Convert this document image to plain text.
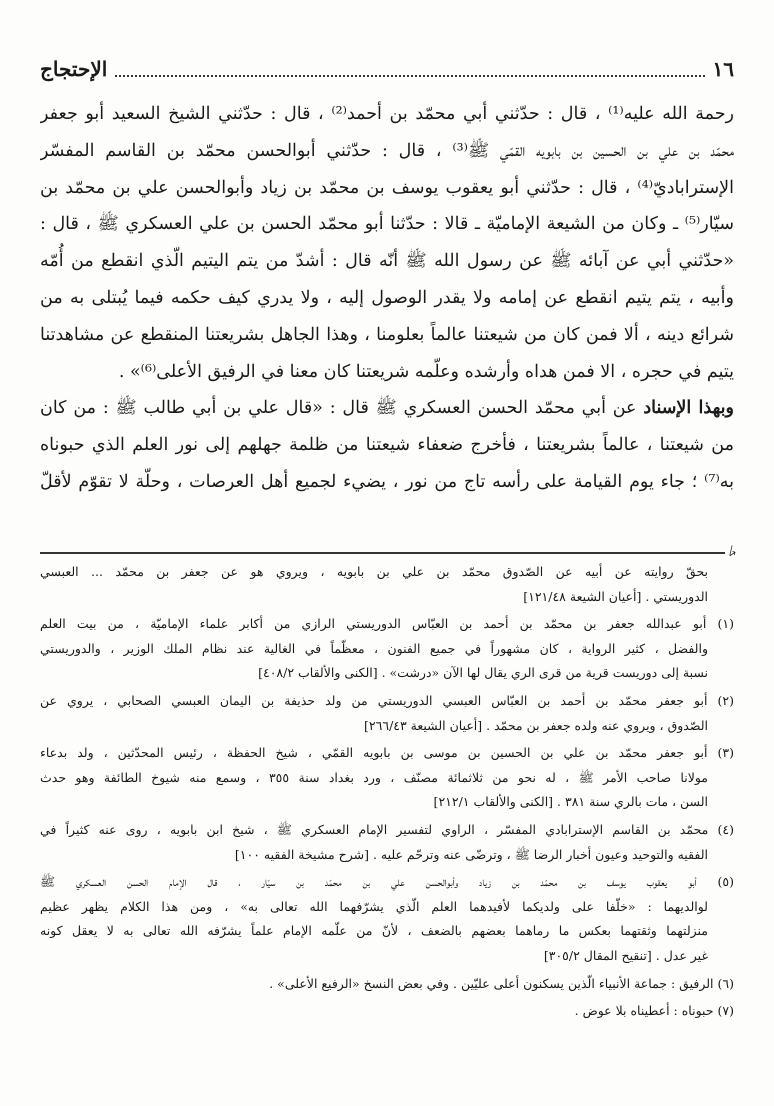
١٦
الإحتجاج

رحمة الله عليه⁽¹⁾ ، قال : حدّثني أبي محمّد بن أحمد⁽²⁾ ، قال : حدّثني الشيخ السعيد أبو جعفر

محمّد بن علي بن الحسين بن بابويه القمّي ﷺ⁽³⁾ ، قال : حدّثني أبوالحسن محمّد بن القاسم المفسّر

الإستراباديّ⁽⁴⁾ ، قال : حدّثني أبو يعقوب يوسف بن محمّد بن زياد وأبوالحسن علي بن محمّد بن

سيّار⁽⁵⁾ ـ وكان من الشيعة الإماميّة ـ قالا : حدّثنا أبو محمّد الحسن بن علي العسكري ﷺ ، قال :

«حدّثني أبي عن آبائه ﷺ عن رسول الله ﷺ أنّه قال : أشدّ من يتم اليتيم الّذي انقطع من أُمّه

وأبيه ، يتم يتيم انقطع عن إمامه ولا يقدر الوصول إليه ، ولا يدري كيف حكمه فيما يُبتلى به من

شرائع دينه ، ألا فمن كان من شيعتنا عالماً بعلومنا ، وهذا الجاهل بشريعتنا المنقطع عن مشاهدتنا

يتيم في حجره ، الا فمن هداه وأرشده وعلّمه شريعتنا كان معنا في الرفيق الأعلى⁽⁶⁾» .

وبهذا الإسناد عن أبي محمّد الحسن العسكري ﷺ قال : «قال علي بن أبي طالب ﷺ : من كان

من شيعتنا ، عالماً بشريعتنا ، فأخرج ضعفاء شيعتنا من ظلمة جهلهم إلى نور العلم الذي حبوناه

به⁽⁷⁾ ؛ جاء يوم القيامة على رأسه تاج من نور ، يضيء لجميع أهل العرصات ، وحلّة لا تقوّم لأقلّ

⭞
بحقّ روايته عن أبيه عن الصّدوق محمّد بن علي بن بابويه ، ويروي هو عن جعفر بن محمّد ... العبسي
الدوريستي . [أعيان الشيعة ١٢١/٤٨]
(١) أبو عبدالله جعفر بن محمّد بن أحمد بن العبّاس الدوريستي الرازي من أكابر علماء الإماميّة ، من بيت العلم
والفضل ، كثير الرواية ، كان مشهوراً في جميع الفنون ، معظّماً في الغالية عند نظام الملك الوزير ، والدوريستي
نسبة إلى دوريست قرية من قرى الري يقال لها الآن «درشت» . [الكنى والألقاب ٤٠٨/٢]
(٢) أبو جعفر محمّد بن أحمد بن العبّاس العبسي الدوريستي من ولد حذيفة بن اليمان العبسي الصحابي ، يروي عن
الصّدوق ، ويروي عنه ولده جعفر بن محمّد . [أعيان الشيعة ٢٦٦/٤٣]
(٣) أبو جعفر محمّد بن علي بن الحسين بن موسى بن بابويه القمّي ، شيخ الحفظة ، رئيس المحدّثين ، ولد بدعاء
مولانا صاحب الأمر ﷺ ، له نحو من ثلاثمائة مصنّف ، ورد بغداد سنة ٣٥٥ ، وسمع منه شيوخ الطائفة وهو حدث
السن ، مات بالري سنة ٣٨١ . [الكنى والألقاب ٢١٢/١]
(٤) محمّد بن القاسم الإسترابادي المفسّر ، الراوي لتفسير الإمام العسكري ﷺ ، شيخ ابن بابويه ، روى عنه كثيراً في
الفقيه والتوحيد وعيون أخبار الرضا ﷺ ، وترضّى عنه وترحّم عليه . [شرح مشيخة الفقيه ١٠٠]
(٥) أبو يعقوب يوسف بن محمّد بن زياد وأبوالحسن علي بن محمّد بن سيّار ، قال الإمام الحسن العسكري ﷺ
لوالديهما : «خلّفا على ولديكما لأفيدهما العلم الّذي يشرّفهما الله تعالى به» ، ومن هذا الكلام يظهر عظيم
منزلتهما وثقتهما بعكس ما رماهما بعضهم بالضعف ، لأنّ من علّمه الإمام علماً يشرّفه الله تعالى به لا يعقل كونه
غير عدل . [تنقيح المقال ٣٠٥/٢]
(٦) الرفيق : جماعة الأنبياء الّذين يسكنون أعلى عليّين . وفي بعض النسخ «الرفيع الأعلى» .
(٧) حبوناه : أعطيناه بلا عوض .
